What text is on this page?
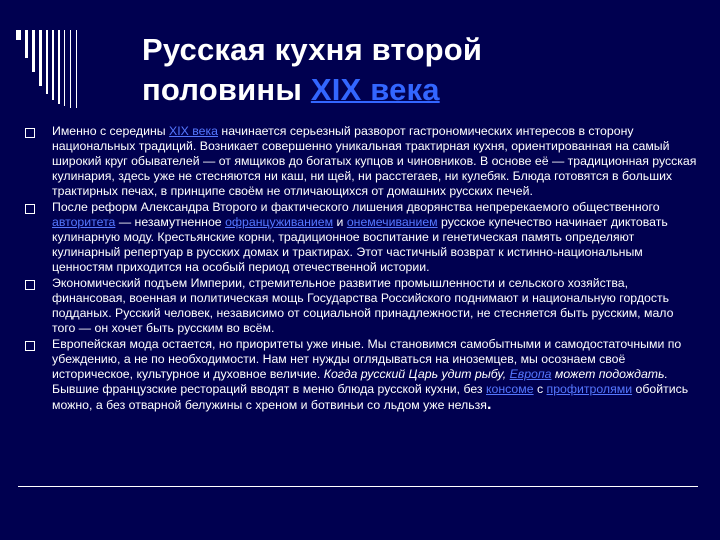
Русская кухня второй
половины XIX века
Именно с середины XIX века начинается серьезный разворот гастрономических интересов в сторону национальных традиций. Возникает совершенно уникальная трактирная кухня, ориентированная на самый широкий круг обывателей — от ямщиков до богатых купцов и чиновников. В основе её — традиционная русская кулинария, здесь уже не стесняются ни каш, ни щей, ни расстегаев, ни кулебяк. Блюда готовятся в больших трактирных печах, в принципе своём не отличающихся от домашних русских печей.
После реформ Александра Второго и фактического лишения дворянства непререкаемого общественного авторитета — незамутненное офранцуживанием и онемечиванием русское купечество начинает диктовать кулинарную моду. Крестьянские корни, традиционное воспитание и генетическая память определяют кулинарный репертуар в русских домах и трактирах. Этот частичный возврат к истинно-национальным ценностям приходится на особый период отечественной истории.
Экономический подъем Империи, стремительное развитие промышленности и сельского хозяйства, финансовая, военная и политическая мощь Государства Российского поднимают и национальную гордость подданых. Русский человек, независимо от социальной принадлежности, не стесняется быть русским, мало того — он хочет быть русским во всём.
Европейская мода остается, но приоритеты уже иные. Мы становимся самобытными и самодостаточными по убеждению, а не по необходимости. Нам нет нужды оглядываться на иноземцев, мы осознаем своё историческое, культурное и духовное величие. Когда русский Царь удит рыбу, Европа может подождать. Бывшие французские рестораций вводят в меню блюда русской кухни, без консоме с профитролями обойтись можно, а без отварной белужины с хреном и ботвиньи со льдом уже нельзя.
